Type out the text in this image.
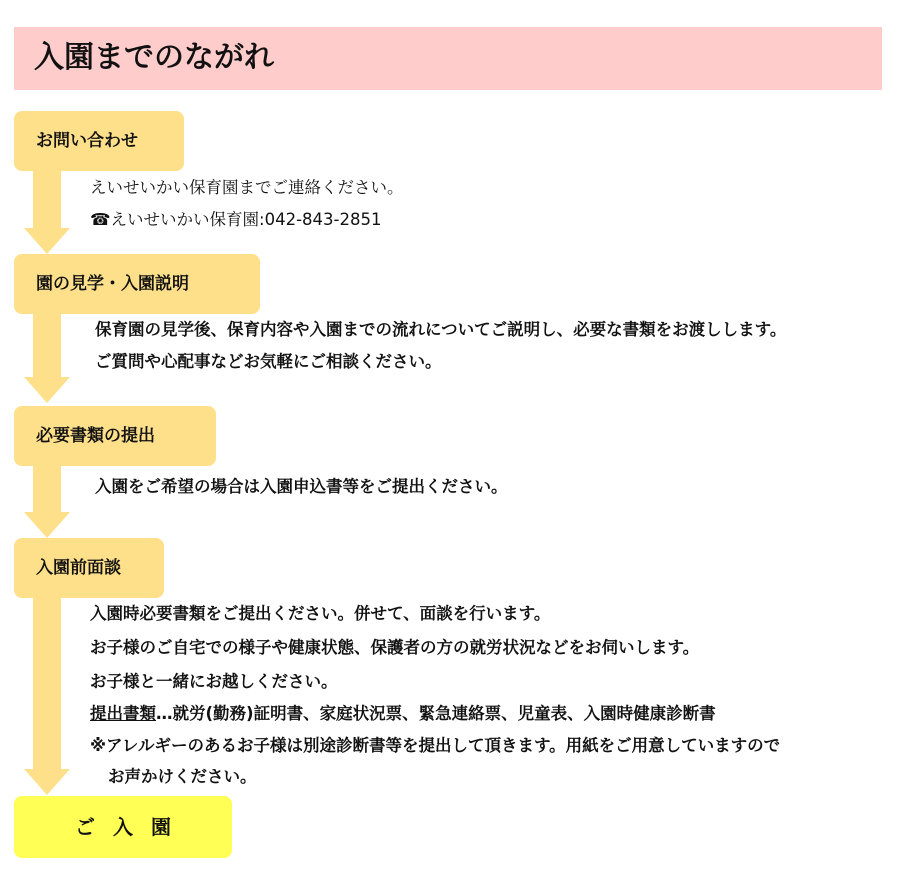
入園までのながれ
お問い合わせ
えいせいかい保育園までご連絡ください。
☎えいせいかい保育園:042-843-2851
園の見学・入園説明
保育園の見学後、保育内容や入園までの流れについてご説明し、必要な書類をお渡しします。
ご質問や心配事などお気軽にご相談ください。
必要書類の提出
入園をご希望の場合は入園申込書等をご提出ください。
入園前面談
入園時必要書類をご提出ください。併せて、面談を行います。
お子様のご自宅での様子や健康状態、保護者の方の就労状況などをお伺いします。
お子様と一緒にお越しください。
提出書類…就労(勤務)証明書、家庭状況票、緊急連絡票、児童表、入園時健康診断書
※アレルギーのあるお子様は別途診断書等を提出して頂きます。用紙をご用意していますので
お声かけください。
ご入園
